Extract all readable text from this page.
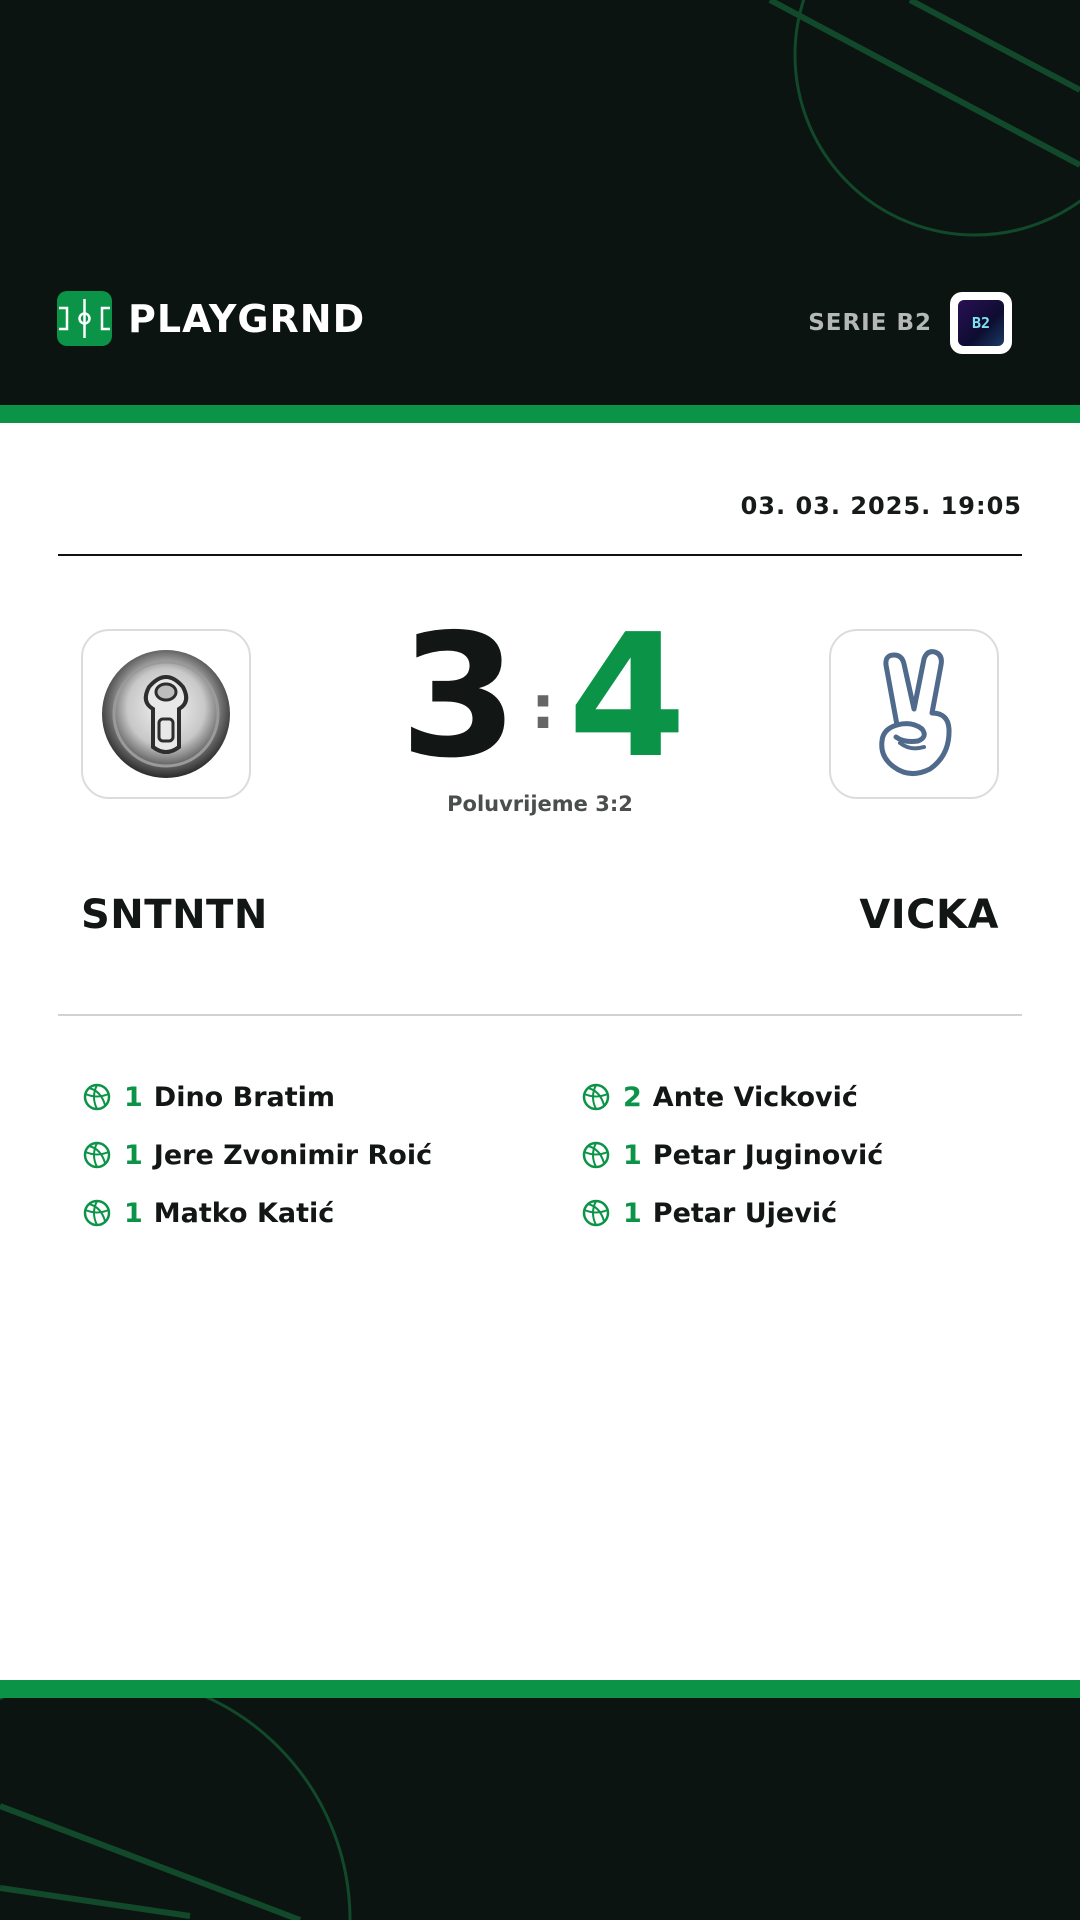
PLAYGRND	SERIE B2	B2
03. 03. 2025. 19:05
3 : 4
Poluvrijeme 3:2
SNTNTN	VICKA
1 Dino Bratim
1 Jere Zvonimir Roić
1 Matko Katić
2 Ante Vicković
1 Petar Juginović
1 Petar Ujević
